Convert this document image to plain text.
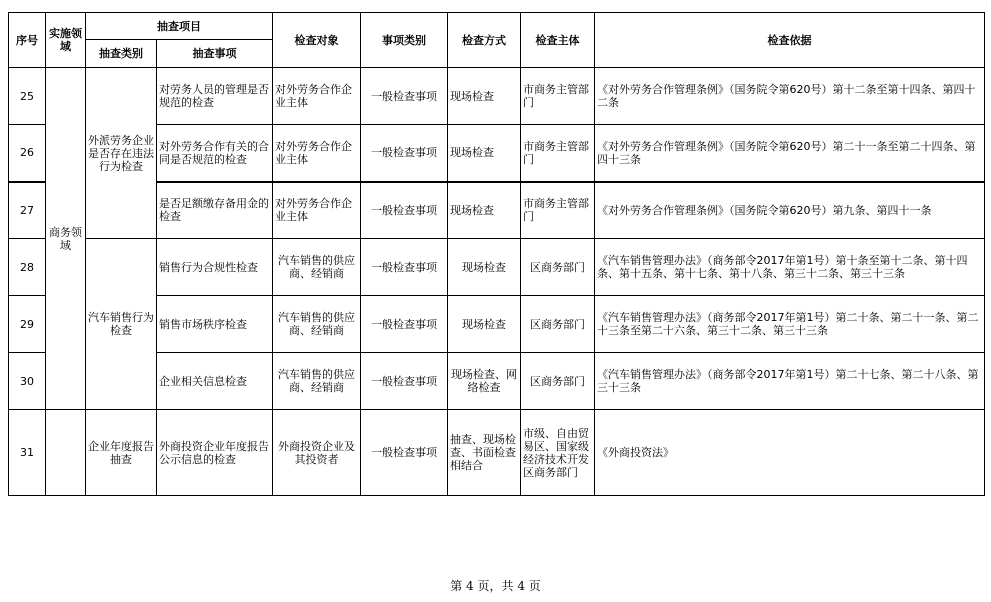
序号	实施领域	抽查项目		检查对象	事项类别	检查方式	检查主体	检查依据
		抽查类别	抽查事项					
25	商务领域	外派劳务企业是否存在违法行为检查	对劳务人员的管理是否规范的检查	对外劳务合作企业主体	一般检查事项	现场检查	市商务主管部门	《对外劳务合作管理条例》（国务院令第620号）第十二条至第十四条、第四十二条
26			对外劳务合作有关的合同是否规范的检查	对外劳务合作企业主体	一般检查事项	现场检查	市商务主管部门	《对外劳务合作管理条例》（国务院令第620号）第二十一条至第二十四条、第四十三条
27			是否足额缴存备用金的检查	对外劳务合作企业主体	一般检查事项	现场检查	市商务主管部门	《对外劳务合作管理条例》（国务院令第620号）第九条、第四十一条
28		汽车销售行为检查	销售行为合规性检查	汽车销售的供应商、经销商	一般检查事项	现场检查	区商务部门	《汽车销售管理办法》（商务部令2017年第1号）第十条至第十二条、第十四条、第十五条、第十七条、第十八条、第三十二条、第三十三条
29			销售市场秩序检查	汽车销售的供应商、经销商	一般检查事项	现场检查	区商务部门	《汽车销售管理办法》（商务部令2017年第1号）第二十条、第二十一条、第二十三条至第二十六条、第三十二条、第三十三条
30			企业相关信息检查	汽车销售的供应商、经销商	一般检查事项	现场检查、网络检查	区商务部门	《汽车销售管理办法》（商务部令2017年第1号）第二十七条、第二十八条、第三十三条
31		企业年度报告抽查	外商投资企业年度报告公示信息的检查	外商投资企业及其投资者	一般检查事项	抽查、现场检查、书面检查相结合	市级、自由贸易区、国家级经济技术开发区商务部门	《外商投资法》
第 4 页，共 4 页
